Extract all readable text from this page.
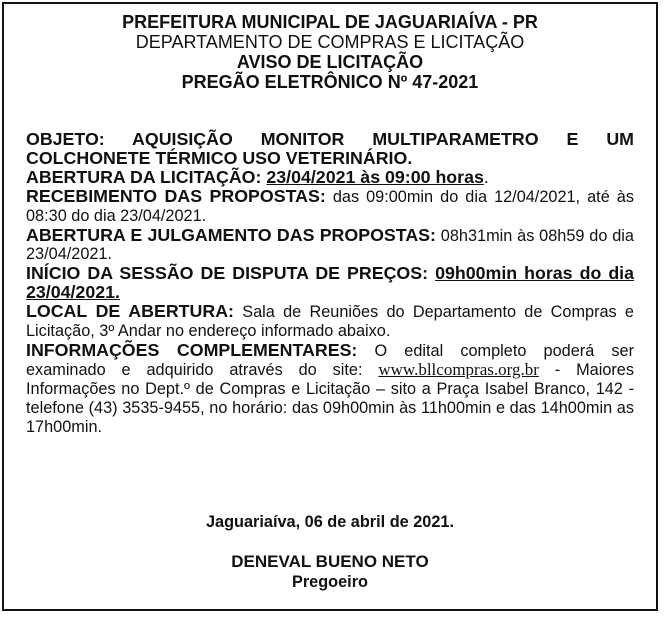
PREFEITURA MUNICIPAL DE JAGUARIAÍVA - PR
DEPARTAMENTO DE COMPRAS E LICITAÇÃO
AVISO DE LICITAÇÃO
PREGÃO ELETRÔNICO Nº 47-2021

OBJETO: AQUISIÇÃO MONITOR MULTIPARAMETRO E UM COLCHONETE TÉRMICO USO VETERINÁRIO.

ABERTURA DA LICITAÇÃO: 23/04/2021 às 09:00 horas.

RECEBIMENTO DAS PROPOSTAS: das 09:00min do dia 12/04/2021, até às 08:30 do dia 23/04/2021.

ABERTURA E JULGAMENTO DAS PROPOSTAS: 08h31min às 08h59 do dia 23/04/2021.

INÍCIO DA SESSÃO DE DISPUTA DE PREÇOS: 09h00min horas do dia 23/04/2021.

LOCAL DE ABERTURA: Sala de Reuniões do Departamento de Compras e Licitação, 3º Andar no endereço informado abaixo.

INFORMAÇÕES COMPLEMENTARES: O edital completo poderá ser examinado e adquirido através do site: www.bllcompras.org.br - Maiores Informações no Dept.º de Compras e Licitação – sito a Praça Isabel Branco, 142 - telefone (43) 3535-9455, no horário: das 09h00min às 11h00min e das 14h00min as 17h00min.

Jaguariaíva, 06 de abril de 2021.
DENEVAL BUENO NETO
Pregoeiro
